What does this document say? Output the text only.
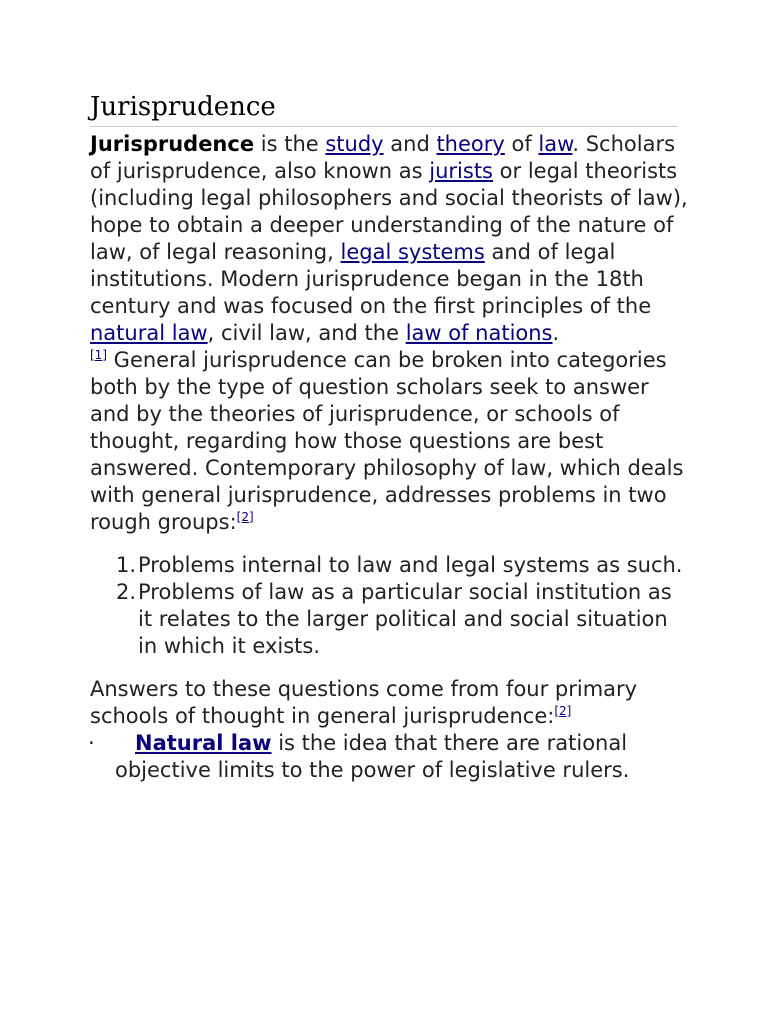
Jurisprudence

Jurisprudence is the study and theory of law. Scholars of jurisprudence, also known as jurists or legal theorists (including legal philosophers and social theorists of law), hope to obtain a deeper understanding of the nature of law, of legal reasoning, legal systems and of legal institutions. Modern jurisprudence began in the 18th century and was focused on the first principles of the natural law, civil law, and the law of nations.
[1] General jurisprudence can be broken into categories both by the type of question scholars seek to answer and by the theories of jurisprudence, or schools of thought, regarding how those questions are best answered. Contemporary philosophy of law, which deals with general jurisprudence, addresses problems in two rough groups:[2]

1. Problems internal to law and legal systems as such.
2. Problems of law as a particular social institution as it relates to the larger political and social situation in which it exists.

Answers to these questions come from four primary schools of thought in general jurisprudence:[2]

· Natural law is the idea that there are rational objective limits to the power of legislative rulers.
